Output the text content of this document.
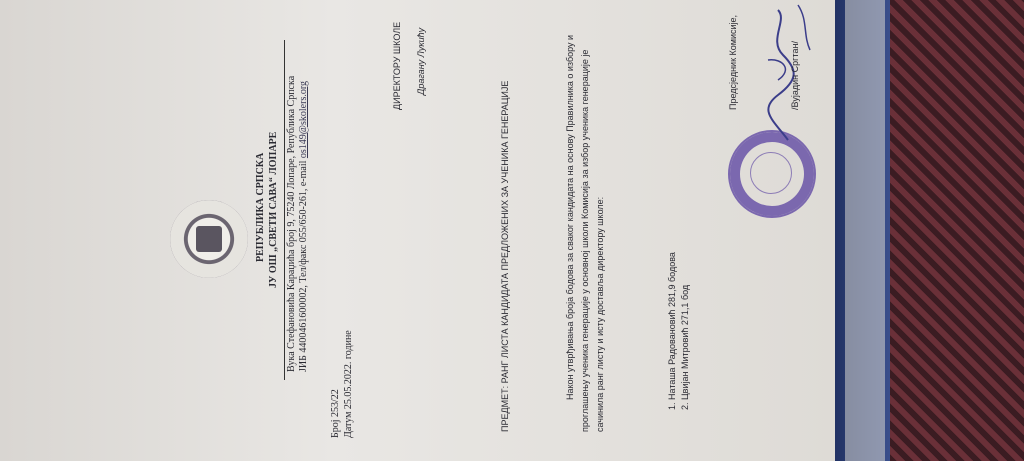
РЕПУБЛИКА СРПСКА ЈУ ОШ „СВЕТИ САВА“ ЛОПАРЕ Вука Стефановића Караџића број 9, 75240 Лопаре, Република Српска ЈИБ 4400461600002, Тел/факс 055/650-261, e-mail os149@skolers.org
Број 253/22 Датум 25.05.2022. године
ДИРЕКТОРУ ШКОЛЕ Драгану Лукићу
ПРЕДМЕТ: РАНГ ЛИСТА КАНДИДАТА ПРЕДЛОЖЕНИХ ЗА УЧЕНИКА ГЕНЕРАЦИЈЕ	Након утврђивања броја бодова за сваког кандидата на основу Правилника о избору и проглашењу ученика генерације у основној школи Комисија за избор ученика генерације је сачинила ранг листу и исту доставља директору школе:	1. Наташа Радовановић 281,9 бодова 2. Цвијан Митровић 271,1 бод
Предсједник Комисије,	/Вујадин Сргтан/
